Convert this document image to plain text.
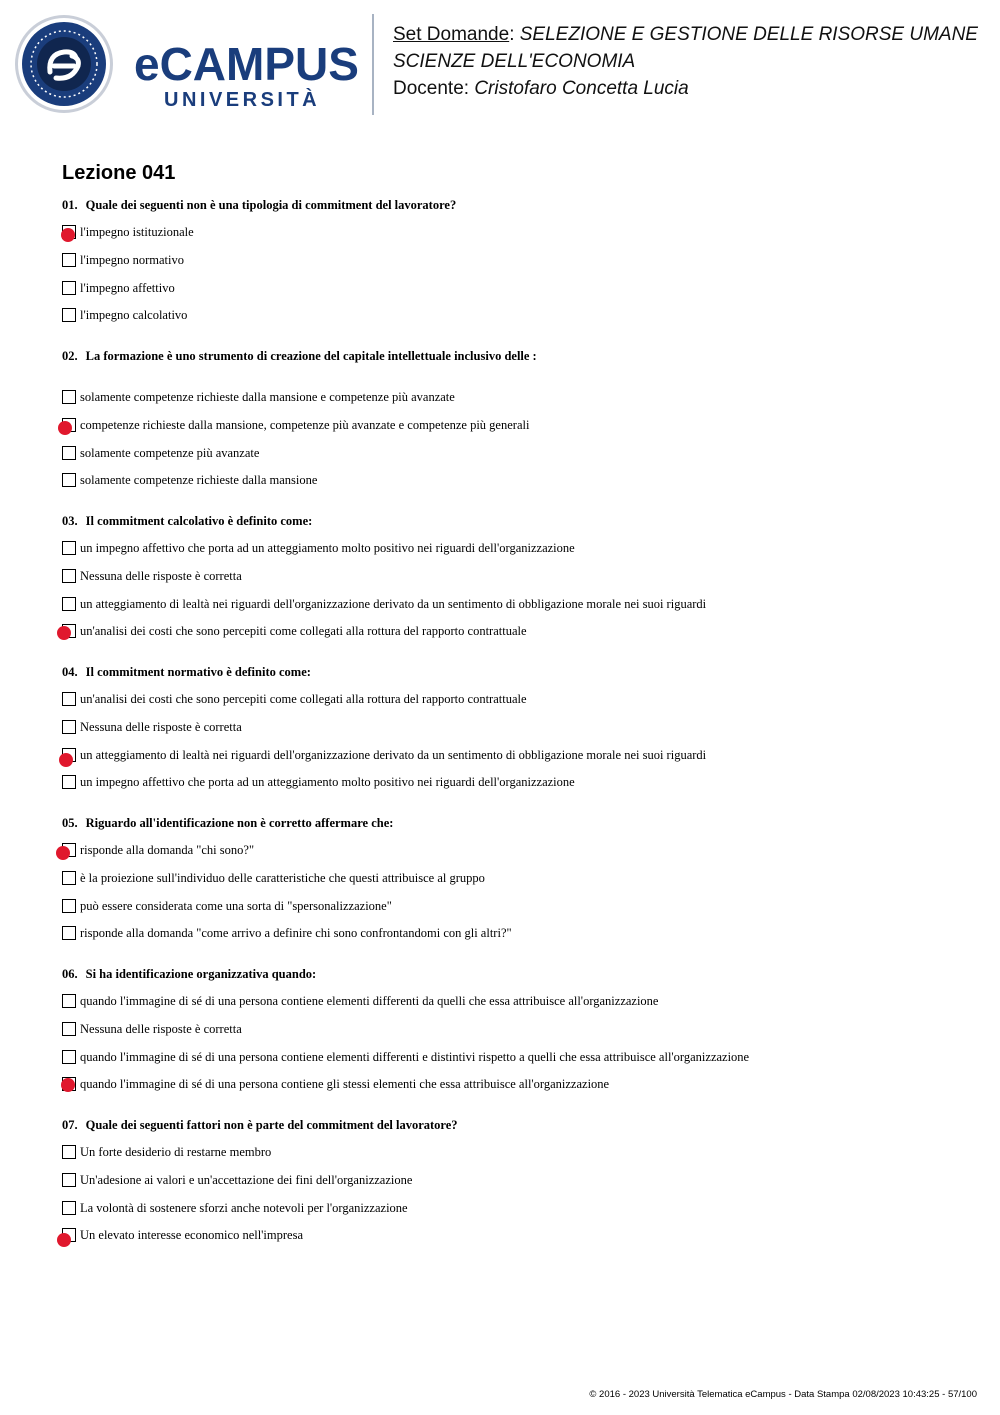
eCAMPUS
UNIVERSITÀ
Set Domande: SELEZIONE E GESTIONE DELLE RISORSE UMANE
SCIENZE DELL'ECONOMIA
Docente: Cristofaro Concetta Lucia
Lezione 041
01. Quale dei seguenti non è una tipologia di commitment del lavoratore?
l'impegno istituzionale
l'impegno normativo
l'impegno affettivo
l'impegno calcolativo
02. La formazione è uno strumento di creazione del capitale intellettuale inclusivo delle :
solamente competenze richieste dalla mansione e competenze più avanzate
competenze richieste dalla mansione, competenze più avanzate e competenze più generali
solamente competenze più avanzate
solamente competenze richieste dalla mansione
03. Il commitment calcolativo è definito come:
un impegno affettivo che porta ad un atteggiamento molto positivo nei riguardi dell'organizzazione
Nessuna delle risposte è corretta
un atteggiamento di lealtà nei riguardi dell'organizzazione derivato da un sentimento di obbligazione morale nei suoi riguardi
un'analisi dei costi che sono percepiti come collegati alla rottura del rapporto contrattuale
04. Il commitment normativo è definito come:
un'analisi dei costi che sono percepiti come collegati alla rottura del rapporto contrattuale
Nessuna delle risposte è corretta
un atteggiamento di lealtà nei riguardi dell'organizzazione derivato da un sentimento di obbligazione morale nei suoi riguardi
un impegno affettivo che porta ad un atteggiamento molto positivo nei riguardi dell'organizzazione
05. Riguardo all'identificazione non è corretto affermare che:
risponde alla domanda "chi sono?"
è la proiezione sull'individuo delle caratteristiche che questi attribuisce al gruppo
può essere considerata come una sorta di "spersonalizzazione"
risponde alla domanda "come arrivo a definire chi sono confrontandomi con gli altri?"
06. Si ha identificazione organizzativa quando:
quando l'immagine di sé di una persona contiene elementi differenti da quelli che essa attribuisce all'organizzazione
Nessuna delle risposte è corretta
quando l'immagine di sé di una persona contiene elementi differenti e distintivi rispetto a quelli che essa attribuisce all'organizzazione
quando l'immagine di sé di una persona contiene gli stessi elementi che essa attribuisce all'organizzazione
07. Quale dei seguenti fattori non è parte del commitment del lavoratore?
Un forte desiderio di restarne membro
Un'adesione ai valori e un'accettazione dei fini dell'organizzazione
La volontà di sostenere sforzi anche notevoli per l'organizzazione
Un elevato interesse economico nell'impresa
© 2016 - 2023 Università Telematica eCampus - Data Stampa 02/08/2023 10:43:25 - 57/100
